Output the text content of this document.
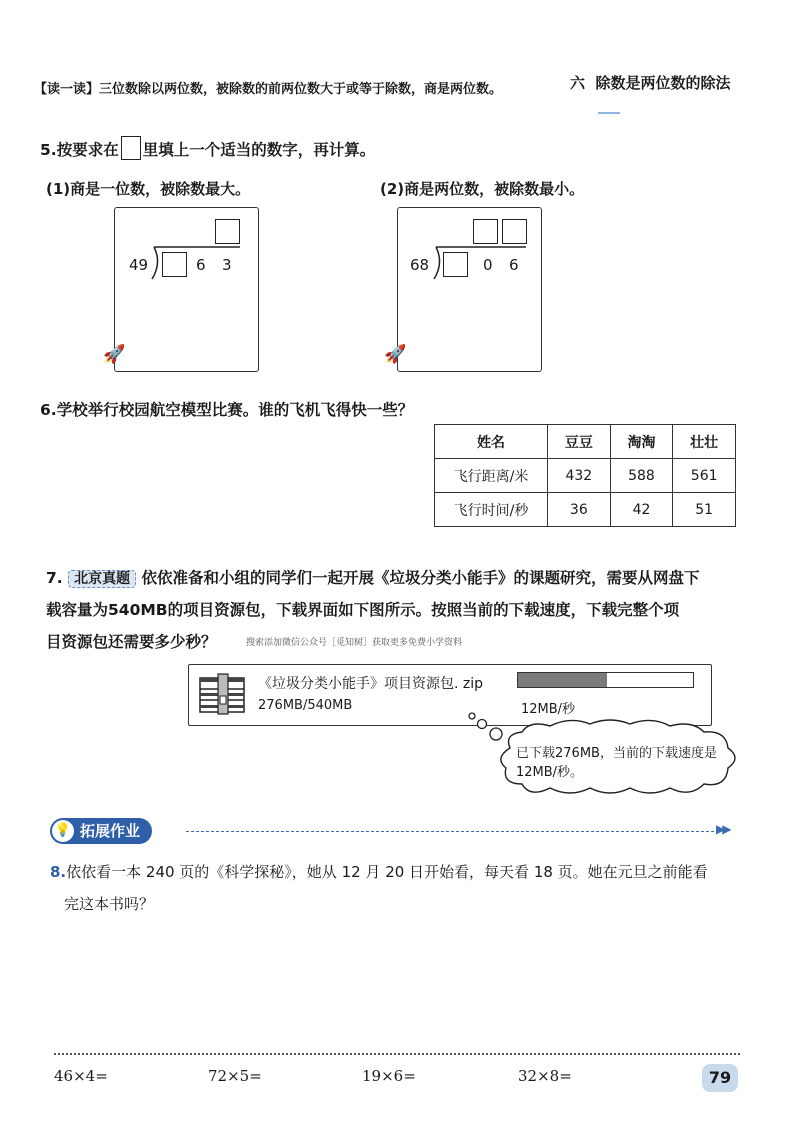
【读一读】三位数除以两位数，被除数的前两位数大于或等于除数，商是两位数。	六 除数是两位数的除法
5.按要求在 里填上一个适当的数字，再计算。
(1)商是一位数，被除数最大。	(2)商是两位数，被除数最小。
49	6 3
🚀
68	0 6
🚀
6.学校举行校园航空模型比赛。谁的飞机飞得快一些？
姓名	豆豆	淘淘	壮壮
飞行距离/米	432	588	561
飞行时间/秒	36	42	51
7. 北京真题 依依准备和小组的同学们一起开展《垃圾分类小能手》的课题研究，需要从网盘下
载容量为540MB的项目资源包，下载界面如下图所示。按照当前的下载速度，下载完整个项
目资源包还需要多少秒？	搜索添加微信公众号［觅知树］获取更多免费小学资料
《垃圾分类小能手》项目资源包. zip
276MB/540MB	12MB/秒
已下载276MB，当前的下载速度是12MB/秒。
拓展作业
💡	▶▶
8.依依看一本 240 页的《科学探秘》，她从 12 月 20 日开始看，每天看 18 页。她在元旦之前能看
完这本书吗？
46×4=	72×5=	19×6=	32×8=	79
